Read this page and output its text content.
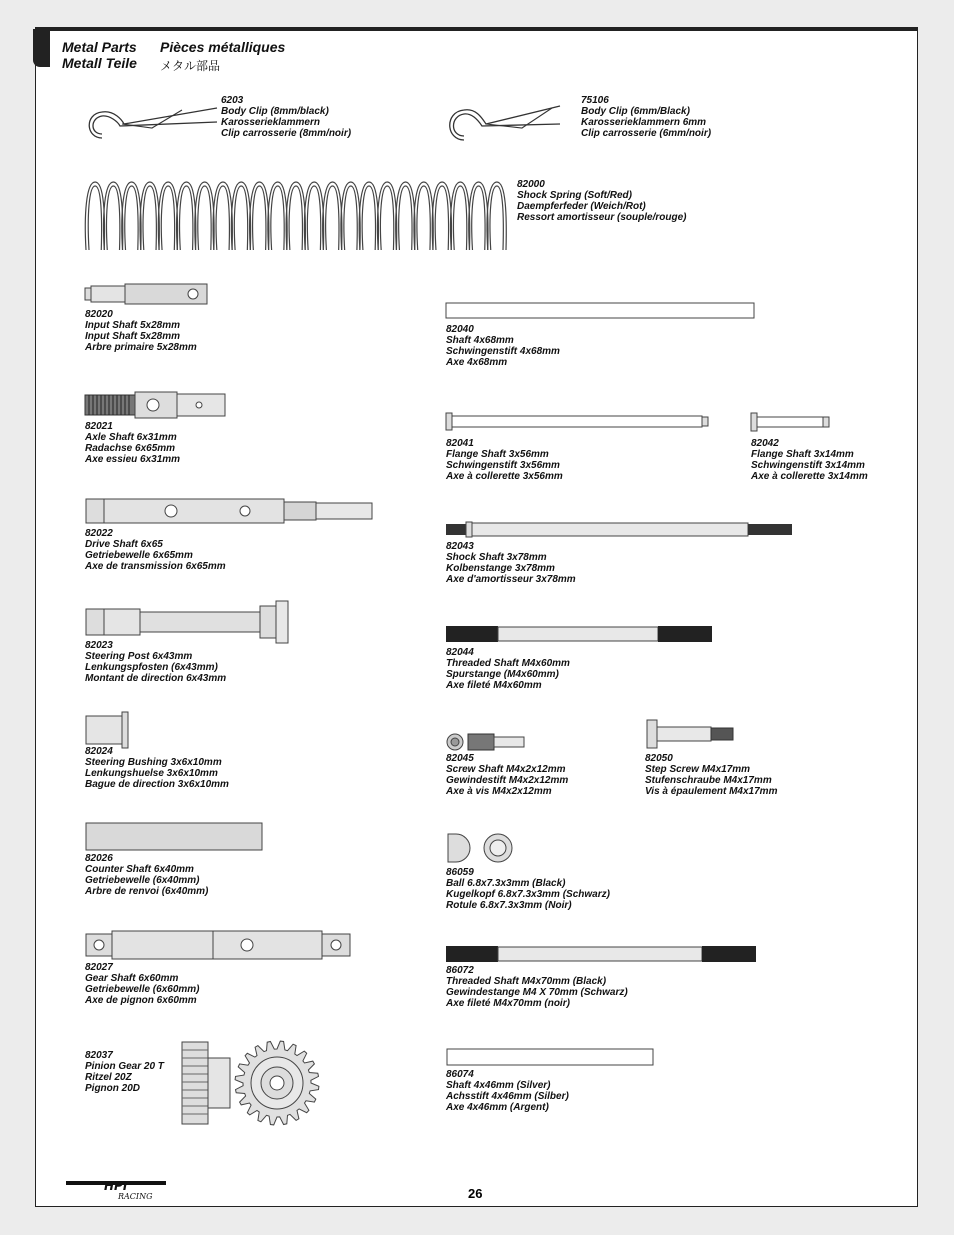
Metal Parts Pièces métalliques
Metall Teile メタル部品
6203
Body Clip (8mm/black)
Karosserieklammern
Clip carrosserie (8mm/noir)
75106
Body Clip (6mm/Black)
Karosserieklammern 6mm
Clip carrosserie (6mm/noir)
82000
Shock Spring (Soft/Red)
Daempferfeder (Weich/Rot)
Ressort amortisseur (souple/rouge)
82020
Input Shaft 5x28mm
Input Shaft 5x28mm
Arbre primaire 5x28mm
82040
Shaft 4x68mm
Schwingenstift 4x68mm
Axe 4x68mm
82021
Axle Shaft 6x31mm
Radachse 6x65mm
Axe essieu 6x31mm
82041
Flange Shaft 3x56mm
Schwingenstift 3x56mm
Axe à collerette 3x56mm
82042
Flange Shaft 3x14mm
Schwingenstift 3x14mm
Axe à collerette 3x14mm
82022
Drive Shaft 6x65
Getriebewelle 6x65mm
Axe de transmission 6x65mm
82043
Shock Shaft 3x78mm
Kolbenstange 3x78mm
Axe d'amortisseur 3x78mm
82023
Steering Post 6x43mm
Lenkungspfosten (6x43mm)
Montant de direction 6x43mm
82044
Threaded Shaft M4x60mm
Spurstange (M4x60mm)
Axe fileté M4x60mm
82024
Steering Bushing 3x6x10mm
Lenkungshuelse 3x6x10mm
Bague de direction 3x6x10mm
82045
Screw Shaft M4x2x12mm
Gewindestift M4x2x12mm
Axe à vis M4x2x12mm
82050
Step Screw M4x17mm
Stufenschraube M4x17mm
Vis à épaulement M4x17mm
82026
Counter Shaft 6x40mm
Getriebewelle (6x40mm)
Arbre de renvoi (6x40mm)
86059
Ball 6.8x7.3x3mm (Black)
Kugelkopf 6.8x7.3x3mm (Schwarz)
Rotule 6.8x7.3x3mm (Noir)
82027
Gear Shaft 6x60mm
Getriebewelle (6x60mm)
Axe de pignon 6x60mm
86072
Threaded Shaft M4x70mm (Black)
Gewindestange M4 X 70mm (Schwarz)
Axe fileté M4x70mm (noir)
82037
Pinion Gear 20 T
Ritzel 20Z
Pignon 20D
86074
Shaft 4x46mm (Silver)
Achsstift 4x46mm (Silber)
Axe 4x46mm (Argent)
HPI
RACING	26
